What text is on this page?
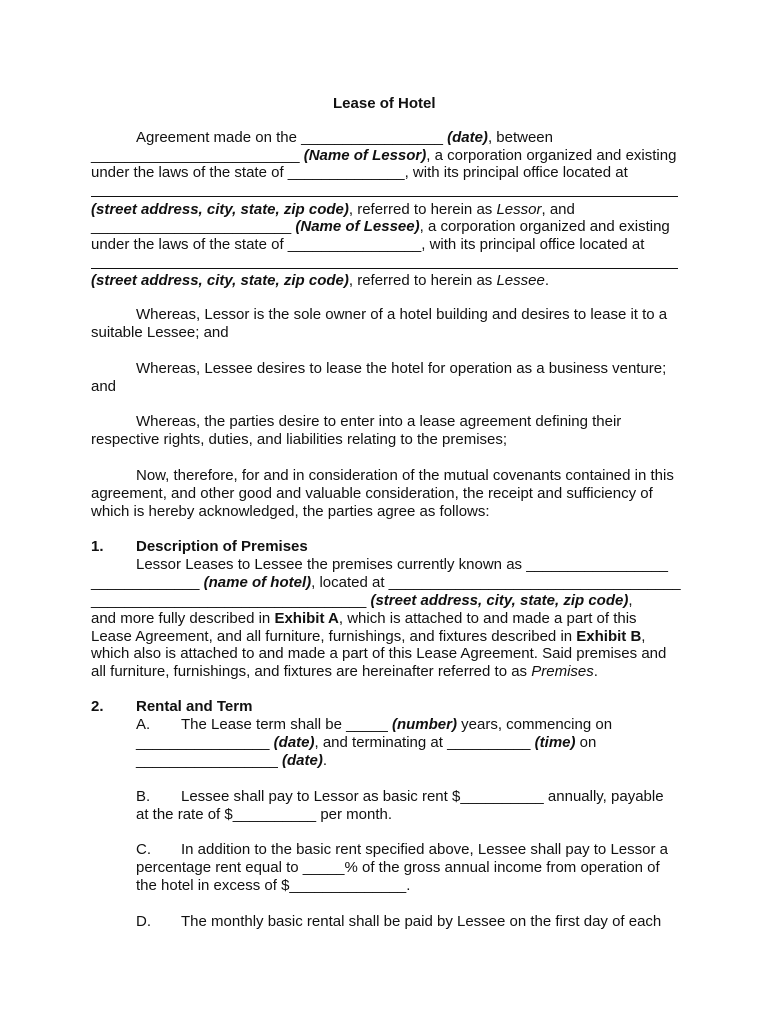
Lease of Hotel
Agreement made on the _________________ (date), between
_________________________ (Name of Lessor), a corporation organized and existing
under the laws of the state of ______________, with its principal office located at
(street address, city, state, zip code), referred to herein as Lessor, and
________________________ (Name of Lessee), a corporation organized and existing
under the laws of the state of ________________, with its principal office located at
(street address, city, state, zip code), referred to herein as Lessee.
Whereas, Lessor is the sole owner of a hotel building and desires to lease it to a
suitable Lessee; and
Whereas, Lessee desires to lease the hotel for operation as a business venture;
and
Whereas, the parties desire to enter into a lease agreement defining their
respective rights, duties, and liabilities relating to the premises;
Now, therefore, for and in consideration of the mutual covenants contained in this
agreement, and other good and valuable consideration, the receipt and sufficiency of
which is hereby acknowledged, the parties agree as follows:
1. Description of Premises
Lessor Leases to Lessee the premises currently known as _________________
_____________ (name of hotel), located at ___________________________________
_________________________________ (street address, city, state, zip code),
and more fully described in Exhibit A, which is attached to and made a part of this
Lease Agreement, and all furniture, furnishings, and fixtures described in Exhibit B,
which also is attached to and made a part of this Lease Agreement. Said premises and
all furniture, furnishings, and fixtures are hereinafter referred to as Premises.
2. Rental and Term
A. The Lease term shall be _____ (number) years, commencing on
________________ (date), and terminating at __________ (time) on
_________________ (date).
B. Lessee shall pay to Lessor as basic rent $__________ annually, payable
at the rate of $__________ per month.
C. In addition to the basic rent specified above, Lessee shall pay to Lessor a
percentage rent equal to _____% of the gross annual income from operation of
the hotel in excess of $______________.
D. The monthly basic rental shall be paid by Lessee on the first day of each
